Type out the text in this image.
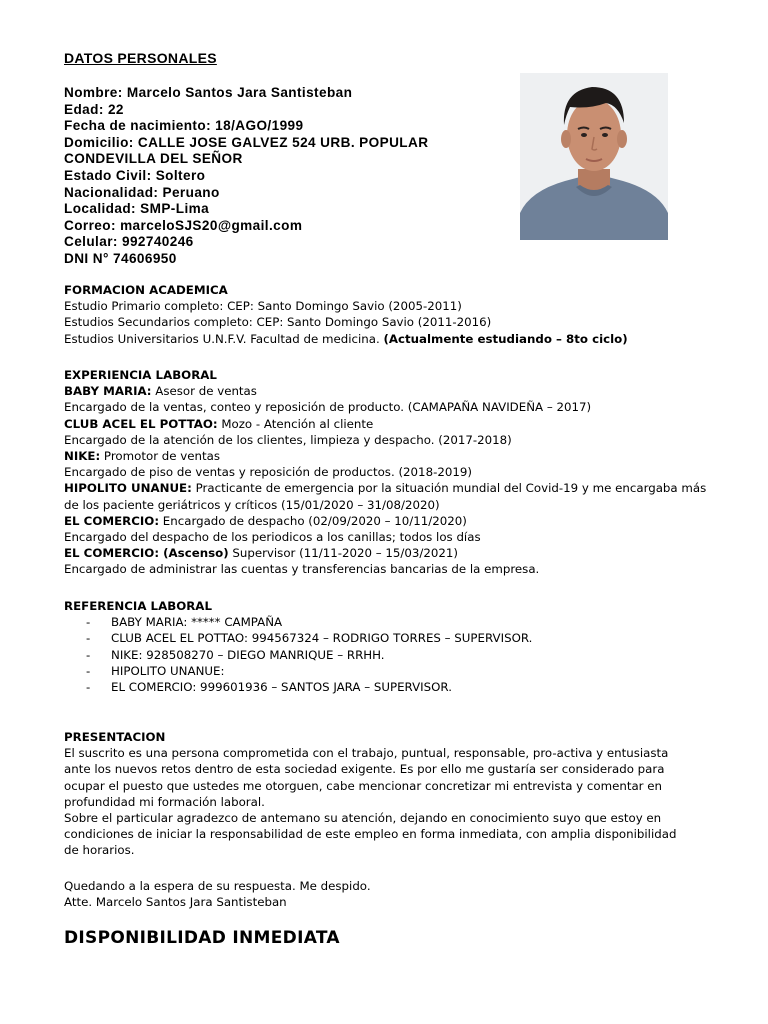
DATOS PERSONALES
Nombre: Marcelo Santos Jara Santisteban
Edad: 22
Fecha de nacimiento: 18/AGO/1999
Domicilio: CALLE JOSE GALVEZ 524 URB. POPULAR
CONDEVILLA DEL SEÑOR
Estado Civil: Soltero
Nacionalidad: Peruano
Localidad: SMP-Lima
Correo: marceloSJS20@gmail.com
Celular: 992740246
DNI N° 74606950
FORMACION ACADEMICA
Estudio Primario completo: CEP: Santo Domingo Savio (2005-2011)
Estudios Secundarios completo: CEP: Santo Domingo Savio (2011-2016)
Estudios Universitarios U.N.F.V. Facultad de medicina. (Actualmente estudiando – 8to ciclo)
EXPERIENCIA LABORAL
BABY MARIA: Asesor de ventas
Encargado de la ventas, conteo y reposición de producto. (CAMAPAÑA NAVIDEÑA – 2017)
CLUB ACEL EL POTTAO: Mozo - Atención al cliente
Encargado de la atención de los clientes, limpieza y despacho. (2017-2018)
NIKE: Promotor de ventas
Encargado de piso de ventas y reposición de productos. (2018-2019)
HIPOLITO UNANUE: Practicante de emergencia por la situación mundial del Covid-19 y me encargaba más
de los paciente geriátricos y críticos (15/01/2020 – 31/08/2020)
EL COMERCIO: Encargado de despacho (02/09/2020 – 10/11/2020)
Encargado del despacho de los periodicos a los canillas; todos los días
EL COMERCIO: (Ascenso) Supervisor (11/11-2020 – 15/03/2021)
Encargado de administrar las cuentas y transferencias bancarias de la empresa.
REFERENCIA LABORAL
- BABY MARIA: ***** CAMPAÑA
- CLUB ACEL EL POTTAO: 994567324 – RODRIGO TORRES – SUPERVISOR.
- NIKE: 928508270 – DIEGO MANRIQUE – RRHH.
- HIPOLITO UNANUE:
- EL COMERCIO: 999601936 – SANTOS JARA – SUPERVISOR.
PRESENTACION
El suscrito es una persona comprometida con el trabajo, puntual, responsable, pro-activa y entusiasta
ante los nuevos retos dentro de esta sociedad exigente. Es por ello me gustaría ser considerado para
ocupar el puesto que ustedes me otorguen, cabe mencionar concretizar mi entrevista y comentar en
profundidad mi formación laboral.
Sobre el particular agradezco de antemano su atención, dejando en conocimiento suyo que estoy en
condiciones de iniciar la responsabilidad de este empleo en forma inmediata, con amplia disponibilidad
de horarios.
Quedando a la espera de su respuesta. Me despido.
Atte. Marcelo Santos Jara Santisteban
DISPONIBILIDAD INMEDIATA
